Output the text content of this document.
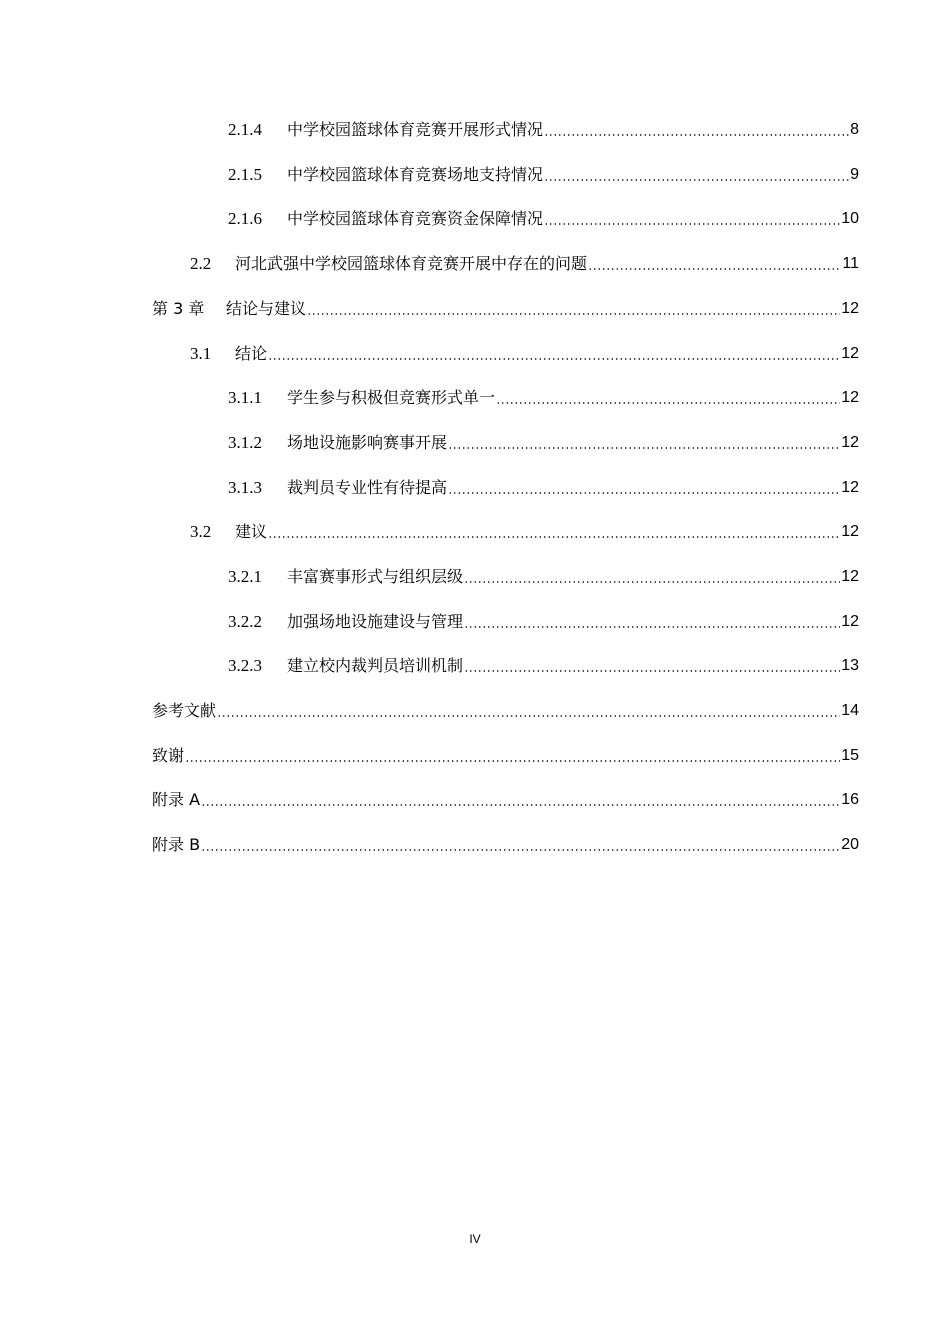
2.1.4	中学校园篮球体育竞赛开展形式情况	8
2.1.5	中学校园篮球体育竞赛场地支持情况	9
2.1.6	中学校园篮球体育竞赛资金保障情况	10
2.2	河北武强中学校园篮球体育竞赛开展中存在的问题	11
第 3 章	结论与建议	12
3.1	结论	12
3.1.1	学生参与积极但竞赛形式单一	12
3.1.2	场地设施影响赛事开展	12
3.1.3	裁判员专业性有待提高	12
3.2	建议	12
3.2.1	丰富赛事形式与组织层级	12
3.2.2	加强场地设施建设与管理	12
3.2.3	建立校内裁判员培训机制	13
参考文献	14
致谢	15
附录 A	16
附录 B	20
IV
